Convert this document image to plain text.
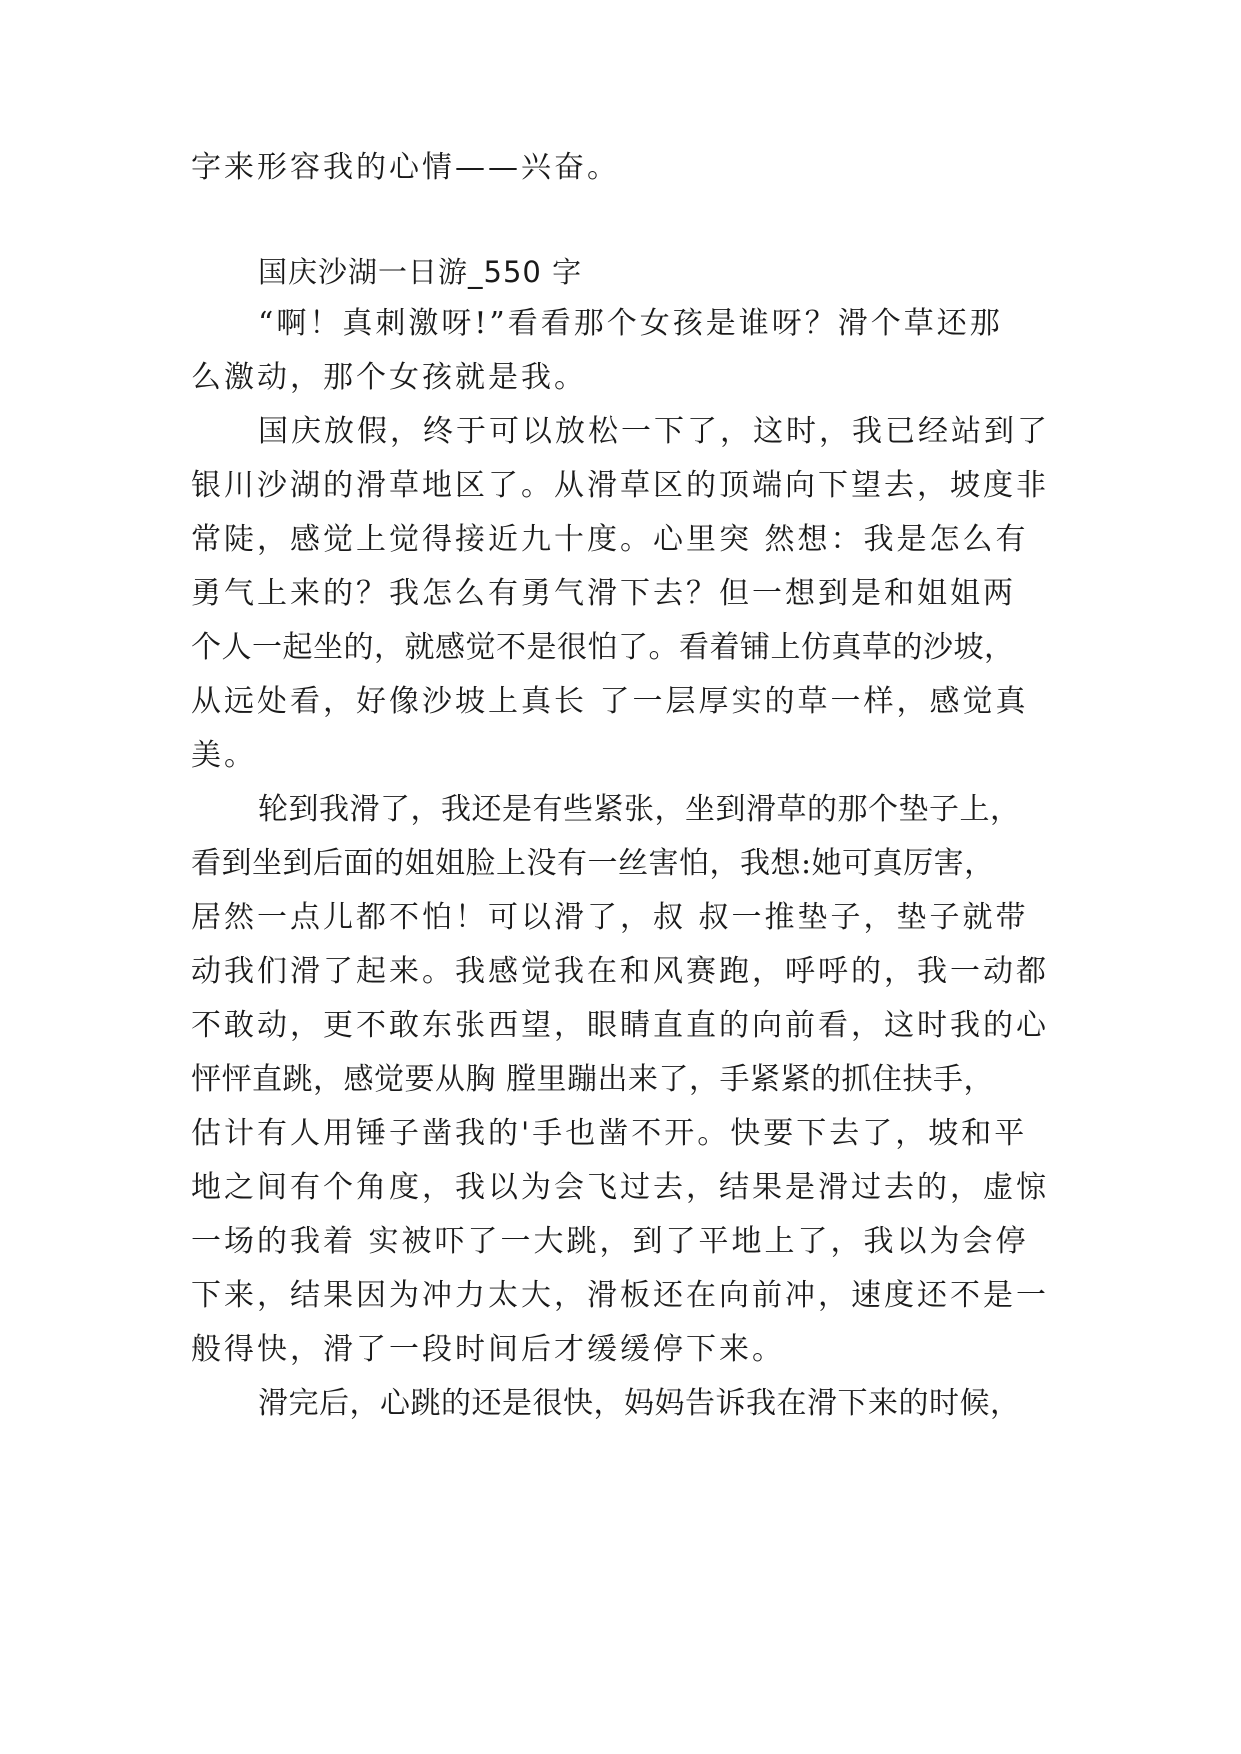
字来形容我的心情——兴奋。
国庆沙湖一日游_550 字
“啊！真刺激呀!”看看那个女孩是谁呀？滑个草还那
么激动，那个女孩就是我。
国庆放假，终于可以放松一下了，这时，我已经站到了
银川沙湖的滑草地区了。从滑草区的顶端向下望去，坡度非
常陡，感觉上觉得接近九十度。心里突 然想：我是怎么有
勇气上来的？我怎么有勇气滑下去？但一想到是和姐姐两
个人一起坐的，就感觉不是很怕了。看着铺上仿真草的沙坡，
从远处看，好像沙坡上真长 了一层厚实的草一样，感觉真
美。
轮到我滑了，我还是有些紧张，坐到滑草的那个垫子上，
看到坐到后面的姐姐脸上没有一丝害怕，我想:她可真厉害，
居然一点儿都不怕！可以滑了，叔 叔一推垫子，垫子就带
动我们滑了起来。我感觉我在和风赛跑，呼呼的，我一动都
不敢动，更不敢东张西望，眼睛直直的向前看，这时我的心
怦怦直跳，感觉要从胸 膛里蹦出来了，手紧紧的抓住扶手，
估计有人用锤子凿我的'手也凿不开。快要下去了，坡和平
地之间有个角度，我以为会飞过去，结果是滑过去的，虚惊
一场的我着 实被吓了一大跳，到了平地上了，我以为会停
下来，结果因为冲力太大，滑板还在向前冲，速度还不是一
般得快，滑了一段时间后才缓缓停下来。
滑完后，心跳的还是很快，妈妈告诉我在滑下来的时候，
